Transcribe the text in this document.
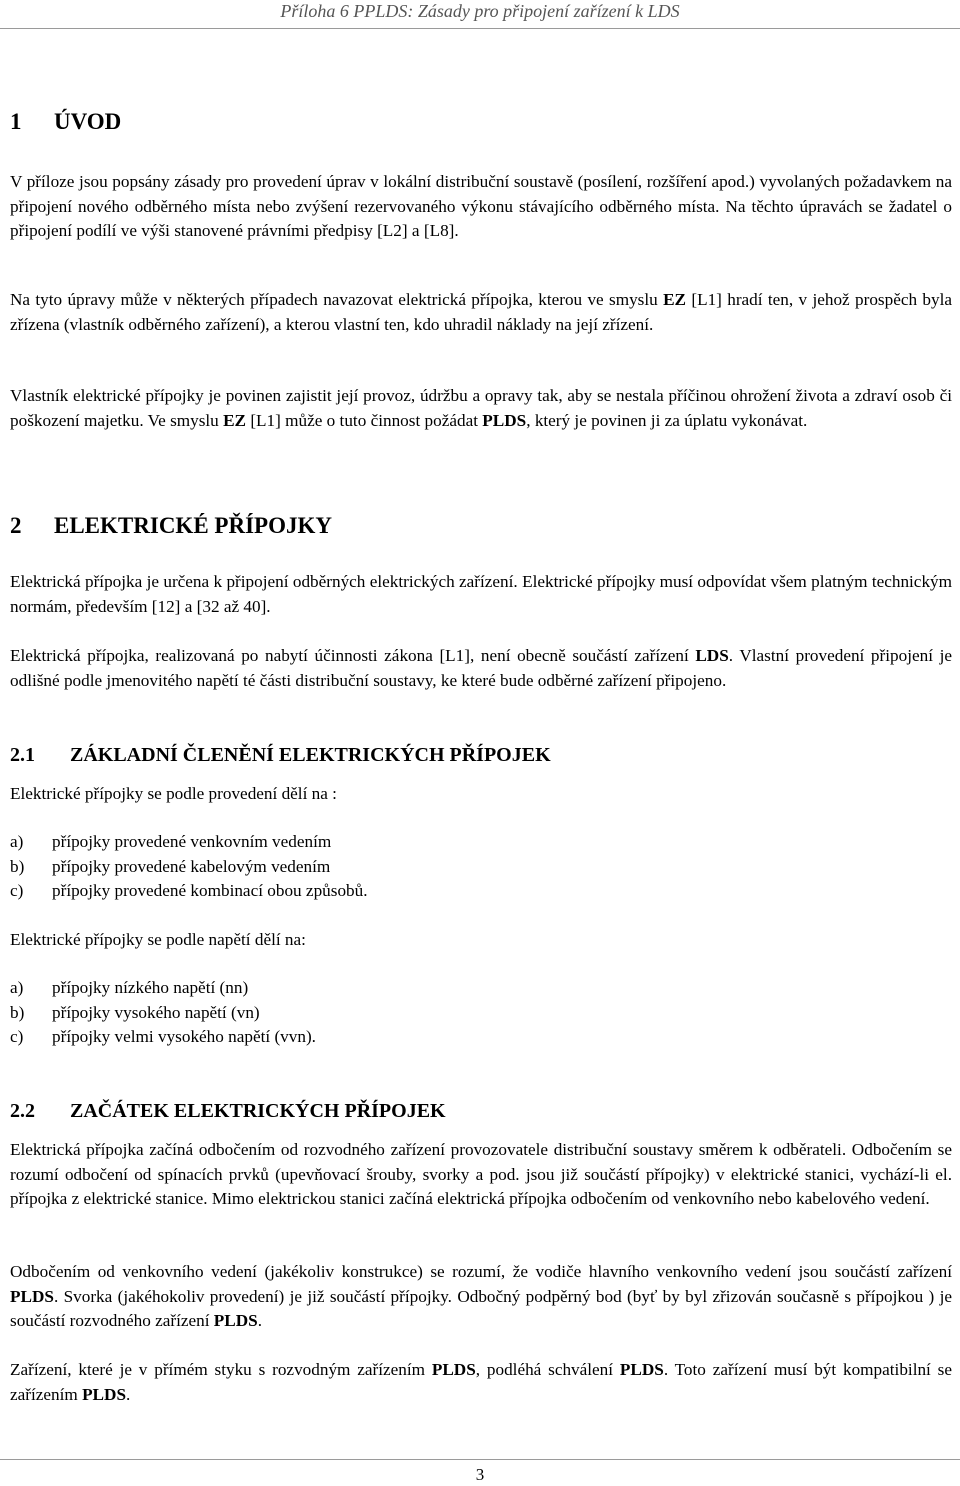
Příloha 6 PPLDS: Zásady pro připojení zařízení k LDS
1	ÚVOD

V příloze jsou popsány zásady pro provedení úprav v lokální distribuční soustavě (posílení, rozšíření apod.) vyvolaných požadavkem na připojení nového odběrného místa nebo zvýšení rezervovaného výkonu stávajícího odběrného místa. Na těchto úpravách se žadatel o připojení podílí ve výši stanovené právními předpisy [L2] a [L8].

Na tyto úpravy může v některých případech navazovat elektrická přípojka, kterou ve smyslu EZ [L1] hradí ten, v jehož prospěch byla zřízena (vlastník odběrného zařízení), a kterou vlastní ten, kdo uhradil náklady na její zřízení.

Vlastník elektrické přípojky je povinen zajistit její provoz, údržbu a opravy tak, aby se nestala příčinou ohrožení života a zdraví osob či poškození majetku. Ve smyslu EZ [L1] může o tuto činnost požádat PLDS, který je povinen ji za úplatu vykonávat.

2	ELEKTRICKÉ PŘÍPOJKY

Elektrická přípojka je určena k připojení odběrných elektrických zařízení. Elektrické přípojky musí odpovídat všem platným technickým normám, především [12] a [32 až 40].

Elektrická přípojka, realizovaná po nabytí účinnosti zákona [L1], není obecně součástí zařízení LDS. Vlastní provedení připojení je odlišné podle jmenovitého napětí té části distribuční soustavy, ke které bude odběrné zařízení připojeno.

2.1	ZÁKLADNÍ ČLENĚNÍ ELEKTRICKÝCH PŘÍPOJEK

Elektrické přípojky se podle provedení dělí na :

a)	přípojky provedené venkovním vedením
b)	přípojky provedené kabelovým vedením
c)	přípojky provedené kombinací obou způsobů.

Elektrické přípojky se podle napětí dělí na:

a)	přípojky nízkého napětí (nn)
b)	přípojky vysokého napětí (vn)
c)	přípojky velmi vysokého napětí (vvn).
2.2	ZAČÁTEK ELEKTRICKÝCH PŘÍPOJEK

Elektrická přípojka začíná odbočením od rozvodného zařízení provozovatele distribuční soustavy směrem k odběrateli. Odbočením se rozumí odbočení od spínacích prvků (upevňovací šrouby, svorky a pod. jsou již součástí přípojky) v elektrické stanici, vychází-li el. přípojka z elektrické stanice. Mimo elektrickou stanici začíná elektrická přípojka odbočením od venkovního nebo kabelového vedení.

Odbočením od venkovního vedení (jakékoliv konstrukce) se rozumí, že vodiče hlavního venkovního vedení jsou součástí zařízení PLDS. Svorka (jakéhokoliv provedení) je již součástí přípojky. Odbočný podpěrný bod (byť by byl zřizován současně s přípojkou ) je součástí rozvodného zařízení PLDS.

Zařízení, které je v přímém styku s rozvodným zařízením PLDS, podléhá schválení PLDS. Toto zařízení musí být kompatibilní se zařízením PLDS.

3
